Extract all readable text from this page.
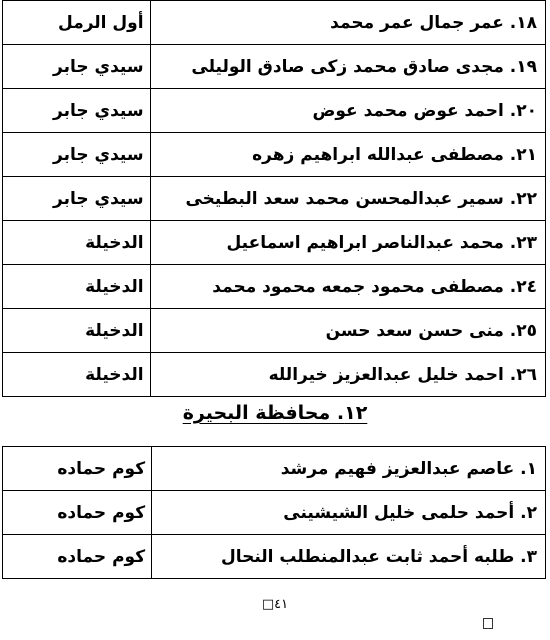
١٨. عمر جمال عمر محمد	أول الرمل
١٩. مجدى صادق محمد زكى صادق الوليلى	سيدي جابر
٢٠. احمد عوض محمد عوض	سيدي جابر
٢١. مصطفى عبدالله ابراهيم زهره	سيدي جابر
٢٢. سمير عبدالمحسن محمد سعد البطيخى	سيدي جابر
٢٣. محمد عبدالناصر ابراهيم اسماعيل	الدخيلة
٢٤. مصطفى محمود جمعه محمود محمد	الدخيلة
٢٥. منى حسن سعد حسن	الدخيلة
٢٦. احمد خليل عبدالعزيز خيرالله	الدخيلة
١٢. محافظة البحيرة
١. عاصم عبدالعزيز فهيم مرشد	كوم حماده
٢. أحمد حلمى خليل الشيشينى	كوم حماده
٣. طلبه أحمد ثابت عبدالمنطلب النحال	كوم حماده
٤١□
